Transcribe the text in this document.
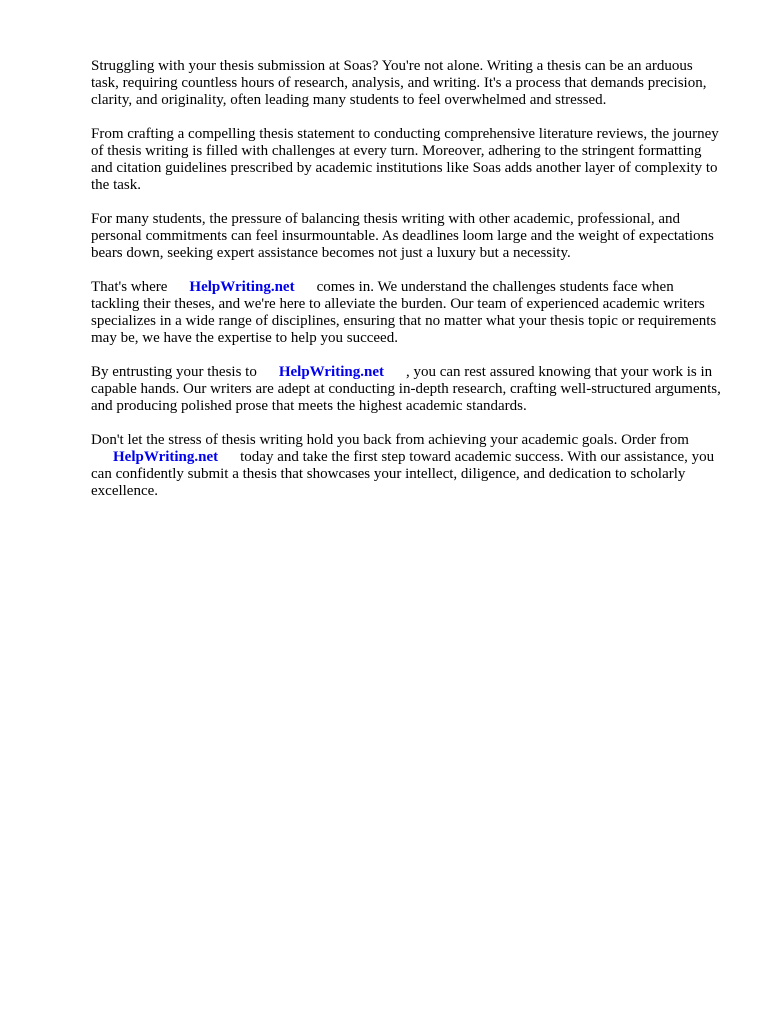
Struggling with your thesis submission at Soas? You're not alone. Writing a thesis can be an arduous task, requiring countless hours of research, analysis, and writing. It's a process that demands precision, clarity, and originality, often leading many students to feel overwhelmed and stressed.

From crafting a compelling thesis statement to conducting comprehensive literature reviews, the journey of thesis writing is filled with challenges at every turn. Moreover, adhering to the stringent formatting and citation guidelines prescribed by academic institutions like Soas adds another layer of complexity to the task.

For many students, the pressure of balancing thesis writing with other academic, professional, and personal commitments can feel insurmountable. As deadlines loom large and the weight of expectations bears down, seeking expert assistance becomes not just a luxury but a necessity.

That's where HelpWriting.net comes in. We understand the challenges students face when tackling their theses, and we're here to alleviate the burden. Our team of experienced academic writers specializes in a wide range of disciplines, ensuring that no matter what your thesis topic or requirements may be, we have the expertise to help you succeed.

By entrusting your thesis to HelpWriting.net , you can rest assured knowing that your work is in capable hands. Our writers are adept at conducting in-depth research, crafting well-structured arguments, and producing polished prose that meets the highest academic standards.

Don't let the stress of thesis writing hold you back from achieving your academic goals. Order from HelpWriting.net today and take the first step toward academic success. With our assistance, you can confidently submit a thesis that showcases your intellect, diligence, and dedication to scholarly excellence.
